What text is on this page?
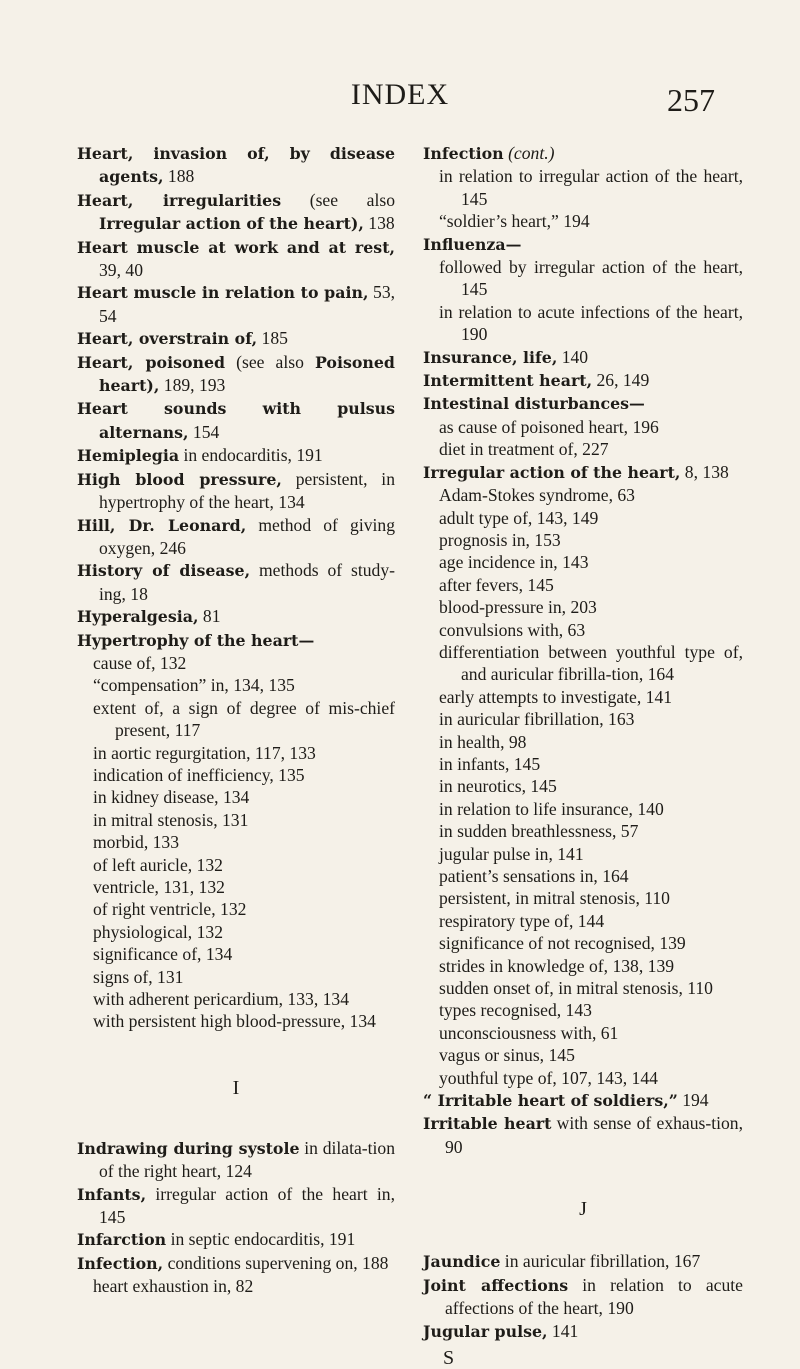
INDEX	257
Heart, invasion of, by disease agents, 188
Heart, irregularities (see also Irregular action of the heart), 138
Heart muscle at work and at rest, 39, 40
Heart muscle in relation to pain, 53, 54
Heart, overstrain of, 185
Heart, poisoned (see also Poisoned heart), 189, 193
Heart sounds with pulsus alternans, 154
Hemiplegia in endocarditis, 191
High blood pressure, persistent, in hypertrophy of the heart, 134
Hill, Dr. Leonard, method of giving oxygen, 246
History of disease, methods of study-ing, 18
Hyperalgesia, 81
Hypertrophy of the heart—
cause of, 132
“compensation” in, 134, 135
extent of, a sign of degree of mis-chief present, 117
in aortic regurgitation, 117, 133
indication of inefficiency, 135
in kidney disease, 134
in mitral stenosis, 131
morbid, 133
of left auricle, 132
ventricle, 131, 132
of right ventricle, 132
physiological, 132
significance of, 134
signs of, 131
with adherent pericardium, 133, 134
with persistent high blood-pressure, 134
I
Indrawing during systole in dilata-tion of the right heart, 124
Infants, irregular action of the heart in, 145
Infarction in septic endocarditis, 191
Infection, conditions supervening on, 188
heart exhaustion in, 82
Infection (cont.)
in relation to irregular action of the heart, 145
“soldier’s heart,” 194
Influenza—
followed by irregular action of the heart, 145
in relation to acute infections of the heart, 190
Insurance, life, 140
Intermittent heart, 26, 149
Intestinal disturbances—
as cause of poisoned heart, 196
diet in treatment of, 227
Irregular action of the heart, 8, 138
Adam-Stokes syndrome, 63
adult type of, 143, 149
prognosis in, 153
age incidence in, 143
after fevers, 145
blood-pressure in, 203
convulsions with, 63
differentiation between youthful type of, and auricular fibrilla-tion, 164
early attempts to investigate, 141
in auricular fibrillation, 163
in health, 98
in infants, 145
in neurotics, 145
in relation to life insurance, 140
in sudden breathlessness, 57
jugular pulse in, 141
patient’s sensations in, 164
persistent, in mitral stenosis, 110
respiratory type of, 144
significance of not recognised, 139
strides in knowledge of, 138, 139
sudden onset of, in mitral stenosis, 110
types recognised, 143
unconsciousness with, 61
vagus or sinus, 145
youthful type of, 107, 143, 144
“ Irritable heart of soldiers,” 194
Irritable heart with sense of exhaus-tion, 90
J
Jaundice in auricular fibrillation, 167
Joint affections in relation to acute affections of the heart, 190
Jugular pulse, 141
S
